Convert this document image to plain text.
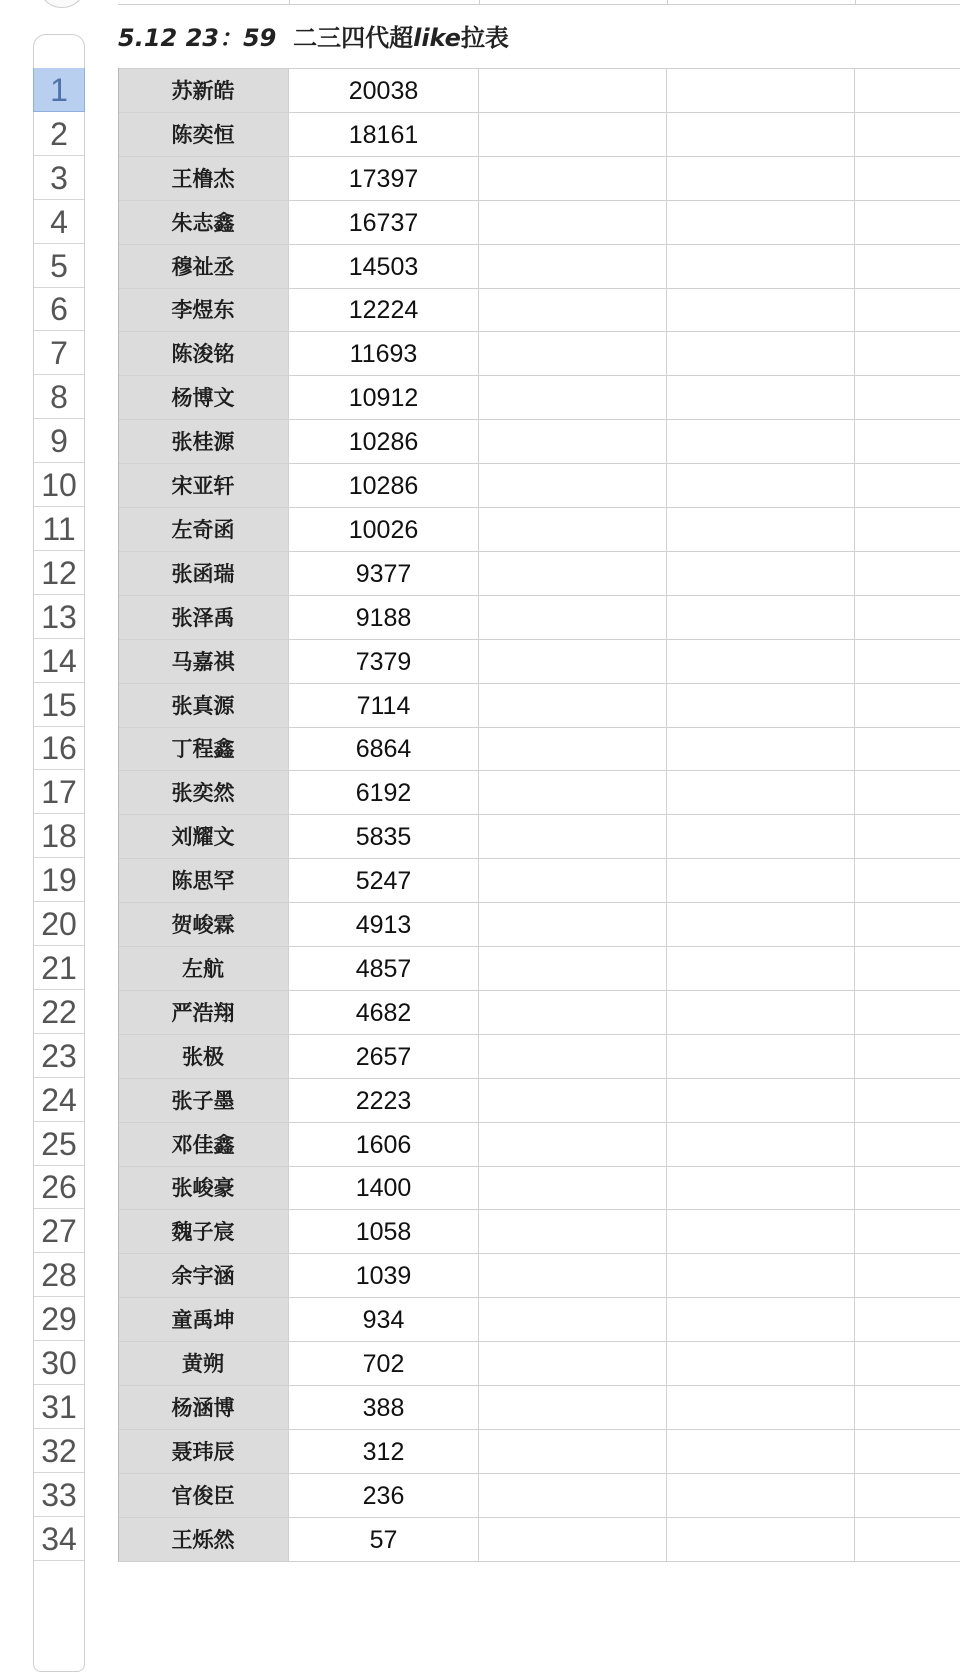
5.12 23：59 二三四代超like拉表
1
2
3
4
5
6
7
8
9
10
11
12
13
14
15
16
17
18
19
20
21
22
23
24
25
26
27
28
29
30
31
32
33
34
苏新皓	20038
陈奕恒	18161
王橹杰	17397
朱志鑫	16737
穆祉丞	14503
李煜东	12224
陈浚铭	11693
杨博文	10912
张桂源	10286
宋亚轩	10286
左奇函	10026
张函瑞	9377
张泽禹	9188
马嘉祺	7379
张真源	7114
丁程鑫	6864
张奕然	6192
刘耀文	5835
陈思罕	5247
贺峻霖	4913
左航	4857
严浩翔	4682
张极	2657
张子墨	2223
邓佳鑫	1606
张峻豪	1400
魏子宸	1058
余宇涵	1039
童禹坤	934
黄朔	702
杨涵博	388
聂玮辰	312
官俊臣	236
王烁然	57
